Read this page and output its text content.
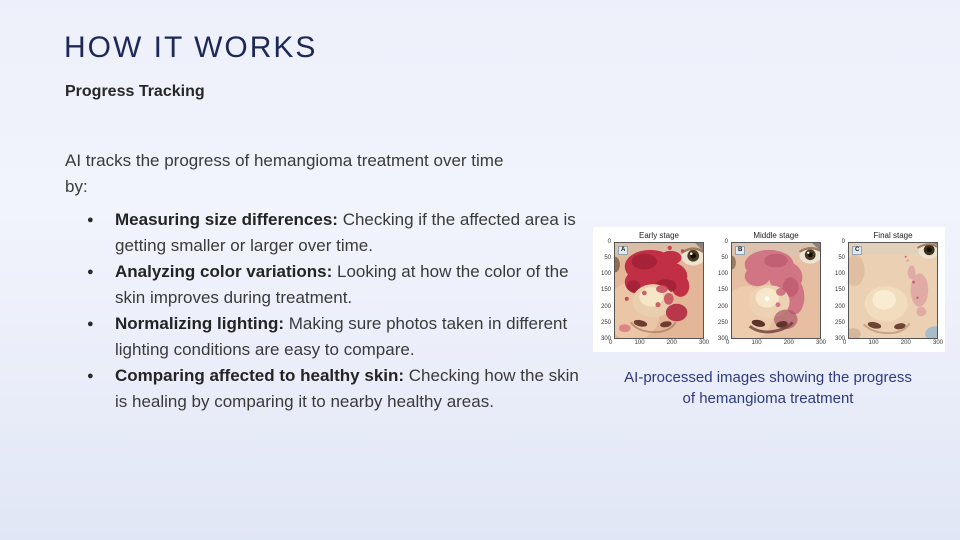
HOW IT WORKS
Progress Tracking

AI tracks the progress of hemangioma treatment over time by:

● Measuring size differences: Checking if the affected area is getting smaller or larger over time.
● Analyzing color variations: Looking at how the color of the skin improves during treatment.
● Normalizing lighting: Making sure photos taken in different lighting conditions are easy to compare.
● Comparing affected to healthy skin: Checking how the skin is healing by comparing it to nearby healthy areas.
Early stage
0
50
100
150
200
250
300
A
0	100	200	300
Middle stage
0
50
100
150
200
250
300
B
0	100	200	300
Final stage
0
50
100
150
200
250
300
C
0	100	200	300
AI-processed images showing the progress
of hemangioma treatment
